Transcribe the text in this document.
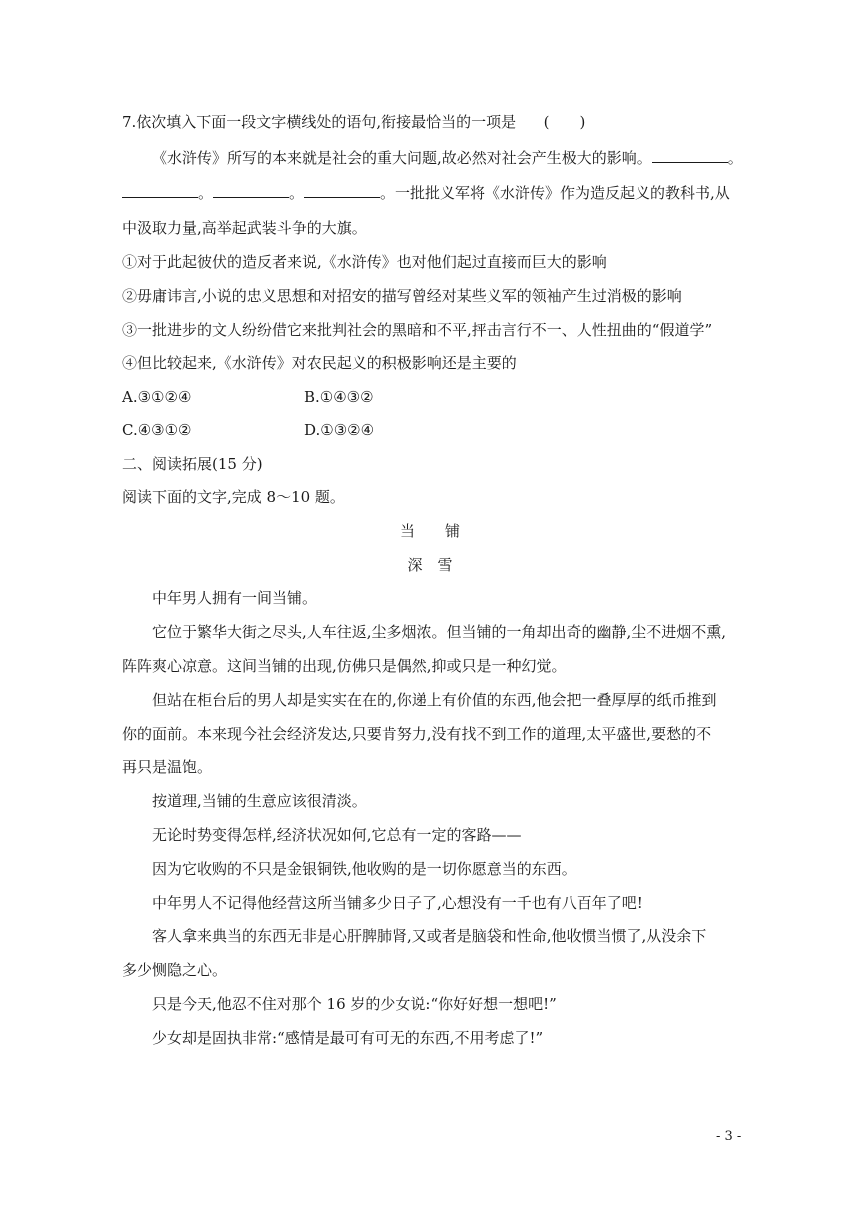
7.依次填入下面一段文字横线处的语句,衔接最恰当的一项是 (　　)
《水浒传》所写的本来就是社会的重大问题,故必然对社会产生极大的影响。	。
。	。	。一批批义军将《水浒传》作为造反起义的教科书,从
中汲取力量,高举起武装斗争的大旗。
①对于此起彼伏的造反者来说,《水浒传》也对他们起过直接而巨大的影响
②毋庸讳言,小说的忠义思想和对招安的描写曾经对某些义军的领袖产生过消极的影响
③一批进步的文人纷纷借它来批判社会的黑暗和不平,抨击言行不一、人性扭曲的“假道学”
④但比较起来,《水浒传》对农民起义的积极影响还是主要的
A.③①②④	B.①④③②
C.④③①②	D.①③②④
二、阅读拓展(15 分)
阅读下面的文字,完成 8～10 题。
当　　铺
深　雪
中年男人拥有一间当铺。
它位于繁华大街之尽头,人车往返,尘多烟浓。但当铺的一角却出奇的幽静,尘不进烟不熏,
阵阵爽心凉意。这间当铺的出现,仿佛只是偶然,抑或只是一种幻觉。
但站在柜台后的男人却是实实在在的,你递上有价值的东西,他会把一叠厚厚的纸币推到
你的面前。本来现今社会经济发达,只要肯努力,没有找不到工作的道理,太平盛世,要愁的不
再只是温饱。
按道理,当铺的生意应该很清淡。
无论时势变得怎样,经济状况如何,它总有一定的客路——
因为它收购的不只是金银铜铁,他收购的是一切你愿意当的东西。
中年男人不记得他经营这所当铺多少日子了,心想没有一千也有八百年了吧!
客人拿来典当的东西无非是心肝脾肺肾,又或者是脑袋和性命,他收惯当惯了,从没余下
多少恻隐之心。
只是今天,他忍不住对那个 16 岁的少女说:“你好好想一想吧!”
少女却是固执非常:“感情是最可有可无的东西,不用考虑了!”
- 3 -
